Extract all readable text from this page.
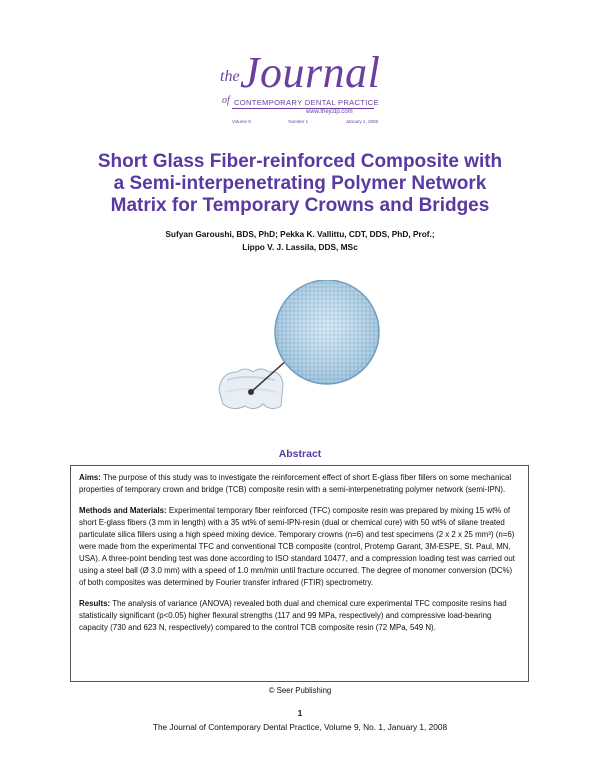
the Journal
of CONTEMPORARY DENTAL PRACTICE
www.thejcdp.com
Volume 9	Number 1	January 1, 2008
Short Glass Fiber-reinforced Composite with
a Semi-interpenetrating Polymer Network
Matrix for Temporary Crowns and Bridges
Sufyan Garoushi, BDS, PhD; Pekka K. Vallittu, CDT, DDS, PhD, Prof.;
Lippo V. J. Lassila, DDS, MSc
Abstract

Aims: The purpose of this study was to investigate the reinforcement effect of short E-glass fiber fillers on some mechanical properties of temporary crown and bridge (TCB) composite resin with a semi-interpenetrating polymer network (semi-IPN).

Methods and Materials: Experimental temporary fiber reinforced (TFC) composite resin was prepared by mixing 15 wt% of short E-glass fibers (3 mm in length) with a 35 wt% of semi-IPN-resin (dual or chemical cure) with 50 wt% of silane treated particulate silica fillers using a high speed mixing device. Temporary crowns (n=6) and test specimens (2 x 2 x 25 mm³) (n=6) were made from the experimental TFC and conventional TCB composite (control, Protemp Garant, 3M-ESPE, St. Paul, MN, USA). A three-point bending test was done according to ISO standard 10477, and a compression loading test was carried out using a steel ball (Ø 3.0 mm) with a speed of 1.0 mm/min until fracture occurred. The degree of monomer conversion (DC%) of both composites was determined by Fourier transfer infrared (FTIR) spectrometry.

Results: The analysis of variance (ANOVA) revealed both dual and chemical cure experimental TFC composite resins had statistically significant (p<0.05) higher flexural strengths (117 and 99 MPa, respectively) and compressive load-bearing capacity (730 and 623 N, respectively) compared to the control TCB composite resin (72 MPa, 549 N).

© Seer Publishing
1
The Journal of Contemporary Dental Practice, Volume 9, No. 1, January 1, 2008
